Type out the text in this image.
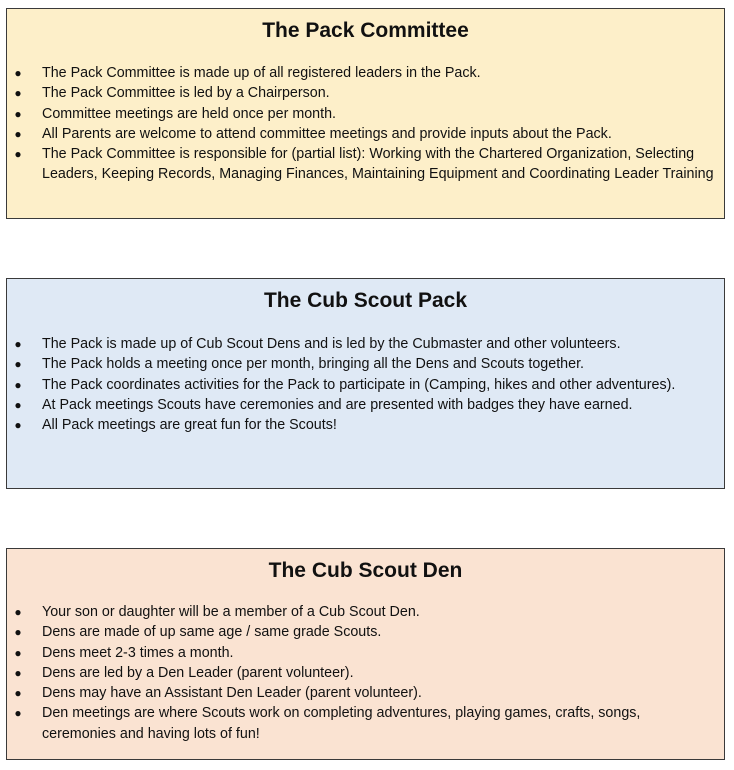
The Pack Committee
● The Pack Committee is made up of all registered leaders in the Pack.
● The Pack Committee is led by a Chairperson.
● Committee meetings are held once per month.
● All Parents are welcome to attend committee meetings and provide inputs about the Pack.
● The Pack Committee is responsible for (partial list): Working with the Chartered Organization, Selecting Leaders, Keeping Records, Managing Finances, Maintaining Equipment and Coordinating Leader Training
The Cub Scout Pack
● The Pack is made up of Cub Scout Dens and is led by the Cubmaster and other volunteers.
● The Pack holds a meeting once per month, bringing all the Dens and Scouts together.
● The Pack coordinates activities for the Pack to participate in (Camping, hikes and other adventures).
● At Pack meetings Scouts have ceremonies and are presented with badges they have earned.
● All Pack meetings are great fun for the Scouts!
The Cub Scout Den
● Your son or daughter will be a member of a Cub Scout Den.
● Dens are made of up same age / same grade Scouts.
● Dens meet 2-3 times a month.
● Dens are led by a Den Leader (parent volunteer).
● Dens may have an Assistant Den Leader (parent volunteer).
● Den meetings are where Scouts work on completing adventures, playing games, crafts, songs, ceremonies and having lots of fun!
